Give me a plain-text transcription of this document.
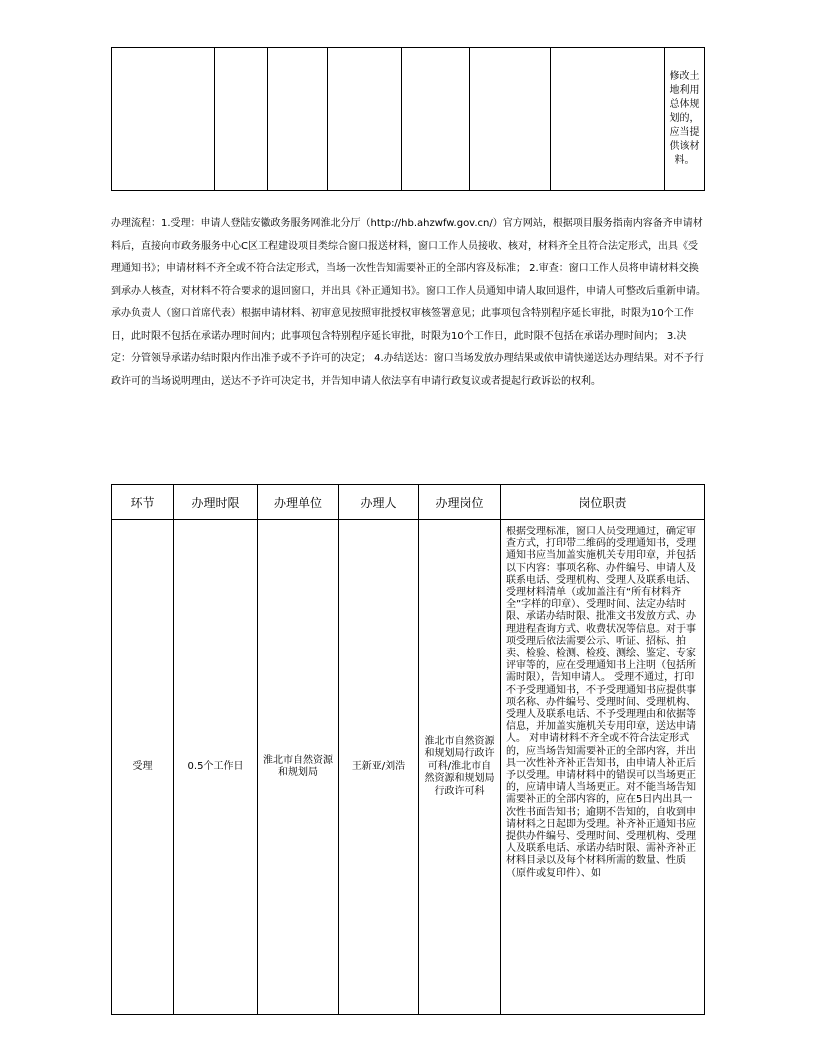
							修改土地利用总体规划的，应当提供该材料。

办理流程：1.受理：申请人登陆安徽政务服务网淮北分厅（http://hb.ahzwfw.gov.cn/）官方网站，根据项目服务指南内容备齐申请材料后，直接向市政务服务中心C区工程建设项目类综合窗口报送材料，窗口工作人员接收、核对，材料齐全且符合法定形式，出具《受理通知书》；申请材料不齐全或不符合法定形式，当场一次性告知需要补正的全部内容及标准； 2.审查：窗口工作人员将申请材料交换到承办人核查，对材料不符合要求的退回窗口，并出具《补正通知书》。窗口工作人员通知申请人取回退件，申请人可整改后重新申请。承办负责人（窗口首席代表）根据申请材料、初审意见按照审批授权审核签署意见；此事项包含特别程序延长审批，时限为10个工作日，此时限不包括在承诺办理时间内；此事项包含特别程序延长审批，时限为10个工作日，此时限不包括在承诺办理时间内； 3.决定：分管领导承诺办结时限内作出准予或不予许可的决定； 4.办结送达：窗口当场发放办理结果或依申请快递送达办理结果。对不予行政许可的当场说明理由，送达不予许可决定书，并告知申请人依法享有申请行政复议或者提起行政诉讼的权利。

环节	办理时限	办理单位	办理人	办理岗位	岗位职责
受理	0.5个工作日	淮北市自然资源和规划局	王新亚/刘浩	淮北市自然资源和规划局行政许可科/淮北市自然资源和规划局行政许可科	根据受理标准，窗口人员受理通过，确定审查方式，打印带二维码的受理通知书，受理通知书应当加盖实施机关专用印章，并包括以下内容：事项名称、办件编号、申请人及联系电话、受理机构、受理人及联系电话、受理材料清单（或加盖注有“所有材料齐全”字样的印章）、受理时间、法定办结时限、承诺办结时限、批准文书发放方式、办理进程查询方式、收费状况等信息。对于事项受理后依法需要公示、听证、招标、拍卖、检验、检测、检疫、测绘、鉴定、专家评审等的，应在受理通知书上注明（包括所需时限），告知申请人。 受理不通过，打印不予受理通知书，不予受理通知书应提供事项名称、办件编号、受理时间、受理机构、受理人及联系电话、不予受理理由和依据等信息，并加盖实施机关专用印章，送达申请人。 对申请材料不齐全或不符合法定形式的，应当场告知需要补正的全部内容，并出具一次性补齐补正告知书，由申请人补正后予以受理。申请材料中的错误可以当场更正的，应请申请人当场更正。对不能当场告知需要补正的全部内容的，应在5日内出具一次性书面告知书；逾期不告知的，自收到申请材料之日起即为受理。补齐补正通知书应提供办件编号、受理时间、受理机构、受理人及联系电话、承诺办结时限、需补齐补正材料目录以及每个材料所需的数量、性质（原件或复印件）、如
